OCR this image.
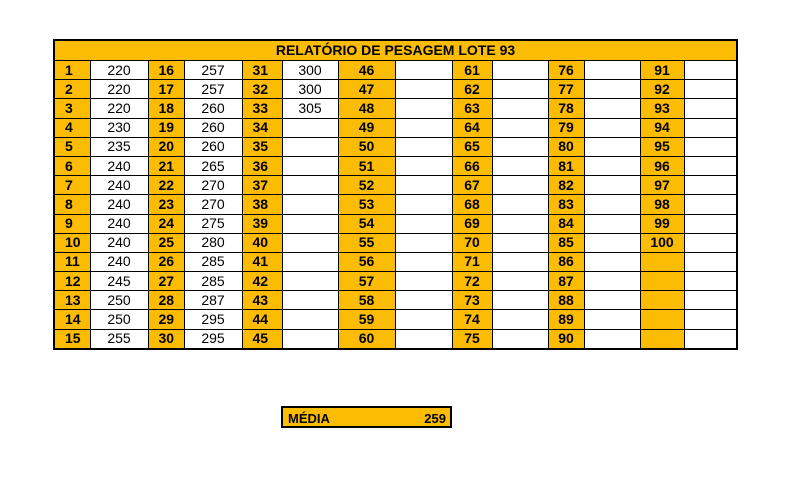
RELATÓRIO DE PESAGEM LOTE 93													
1	220	16	257	31	300	46		61		76		91	
2	220	17	257	32	300	47		62		77		92	
3	220	18	260	33	305	48		63		78		93	
4	230	19	260	34		49		64		79		94	
5	235	20	260	35		50		65		80		95	
6	240	21	265	36		51		66		81		96	
7	240	22	270	37		52		67		82		97	
8	240	23	270	38		53		68		83		98	
9	240	24	275	39		54		69		84		99	
10	240	25	280	40		55		70		85		100	
11	240	26	285	41		56		71		86			
12	245	27	285	42		57		72		87			
13	250	28	287	43		58		73		88			
14	250	29	295	44		59		74		89			
15	255	30	295	45		60		75		90			
MÉDIA	259
